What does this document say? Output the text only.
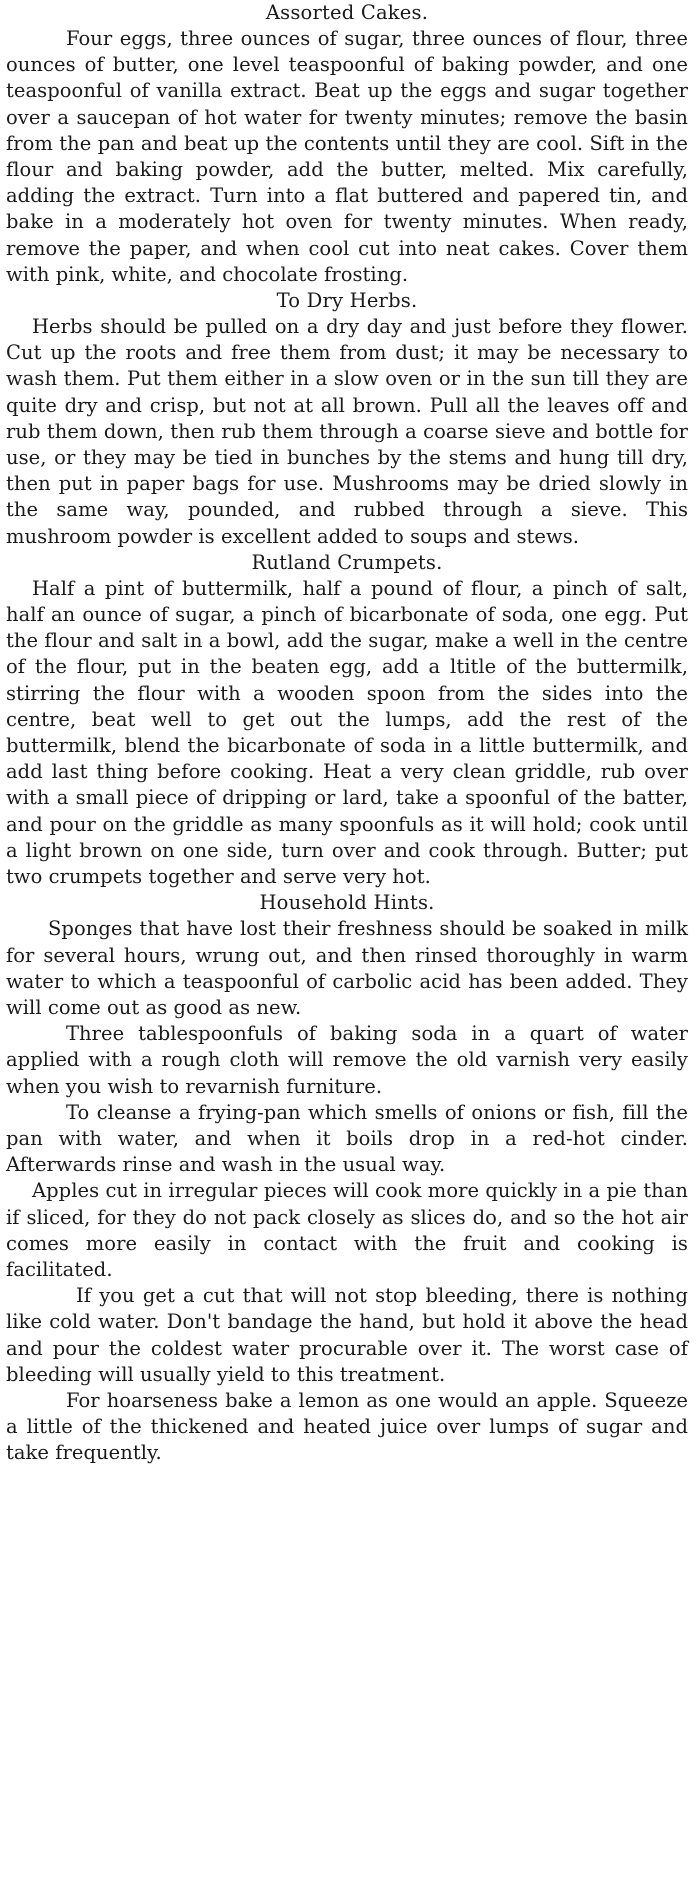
Assorted Cakes.

Four eggs, three ounces of sugar, three ounces of flour, three ounces of butter, one level teaspoonful of baking powder, and one teaspoonful of vanilla extract. Beat up the eggs and sugar together over a saucepan of hot water for twenty minutes; remove the basin from the pan and beat up the contents until they are cool. Sift in the flour and baking powder, add the butter, melted. Mix carefully, adding the extract. Turn into a flat buttered and papered tin, and bake in a moderately hot oven for twenty minutes. When ready, remove the paper, and when cool cut into neat cakes. Cover them with pink, white, and chocolate frosting.

To Dry Herbs.

Herbs should be pulled on a dry day and just before they flower. Cut up the roots and free them from dust; it may be necessary to wash them. Put them either in a slow oven or in the sun till they are quite dry and crisp, but not at all brown. Pull all the leaves off and rub them down, then rub them through a coarse sieve and bottle for use, or they may be tied in bunches by the stems and hung till dry, then put in paper bags for use. Mushrooms may be dried slowly in the same way, pounded, and rubbed through a sieve. This mushroom powder is excellent added to soups and stews.

Rutland Crumpets.

Half a pint of buttermilk, half a pound of flour, a pinch of salt, half an ounce of sugar, a pinch of bicarbonate of soda, one egg. Put the flour and salt in a bowl, add the sugar, make a well in the centre of the flour, put in the beaten egg, add a ltitle of the buttermilk, stirring the flour with a wooden spoon from the sides into the centre, beat well to get out the lumps, add the rest of the buttermilk, blend the bicarbonate of soda in a little buttermilk, and add last thing before cooking. Heat a very clean griddle, rub over with a small piece of dripping or lard, take a spoonful of the batter, and pour on the griddle as many spoonfuls as it will hold; cook until a light brown on one side, turn over and cook through. Butter; put two crumpets together and serve very hot.

Household Hints.

Sponges that have lost their freshness should be soaked in milk for several hours, wrung out, and then rinsed thoroughly in warm water to which a teaspoonful of carbolic acid has been added. They will come out as good as new.

Three tablespoonfuls of baking soda in a quart of water applied with a rough cloth will remove the old varnish very easily when you wish to revarnish furniture.

To cleanse a frying-pan which smells of onions or fish, fill the pan with water, and when it boils drop in a red-hot cinder. Afterwards rinse and wash in the usual way.

Apples cut in irregular pieces will cook more quickly in a pie than if sliced, for they do not pack closely as slices do, and so the hot air comes more easily in contact with the fruit and cooking is facilitated.

If you get a cut that will not stop bleeding, there is nothing like cold water. Don't bandage the hand, but hold it above the head and pour the coldest water procurable over it. The worst case of bleeding will usually yield to this treatment.

For hoarseness bake a lemon as one would an apple. Squeeze a little of the thickened and heated juice over lumps of sugar and take frequently.
